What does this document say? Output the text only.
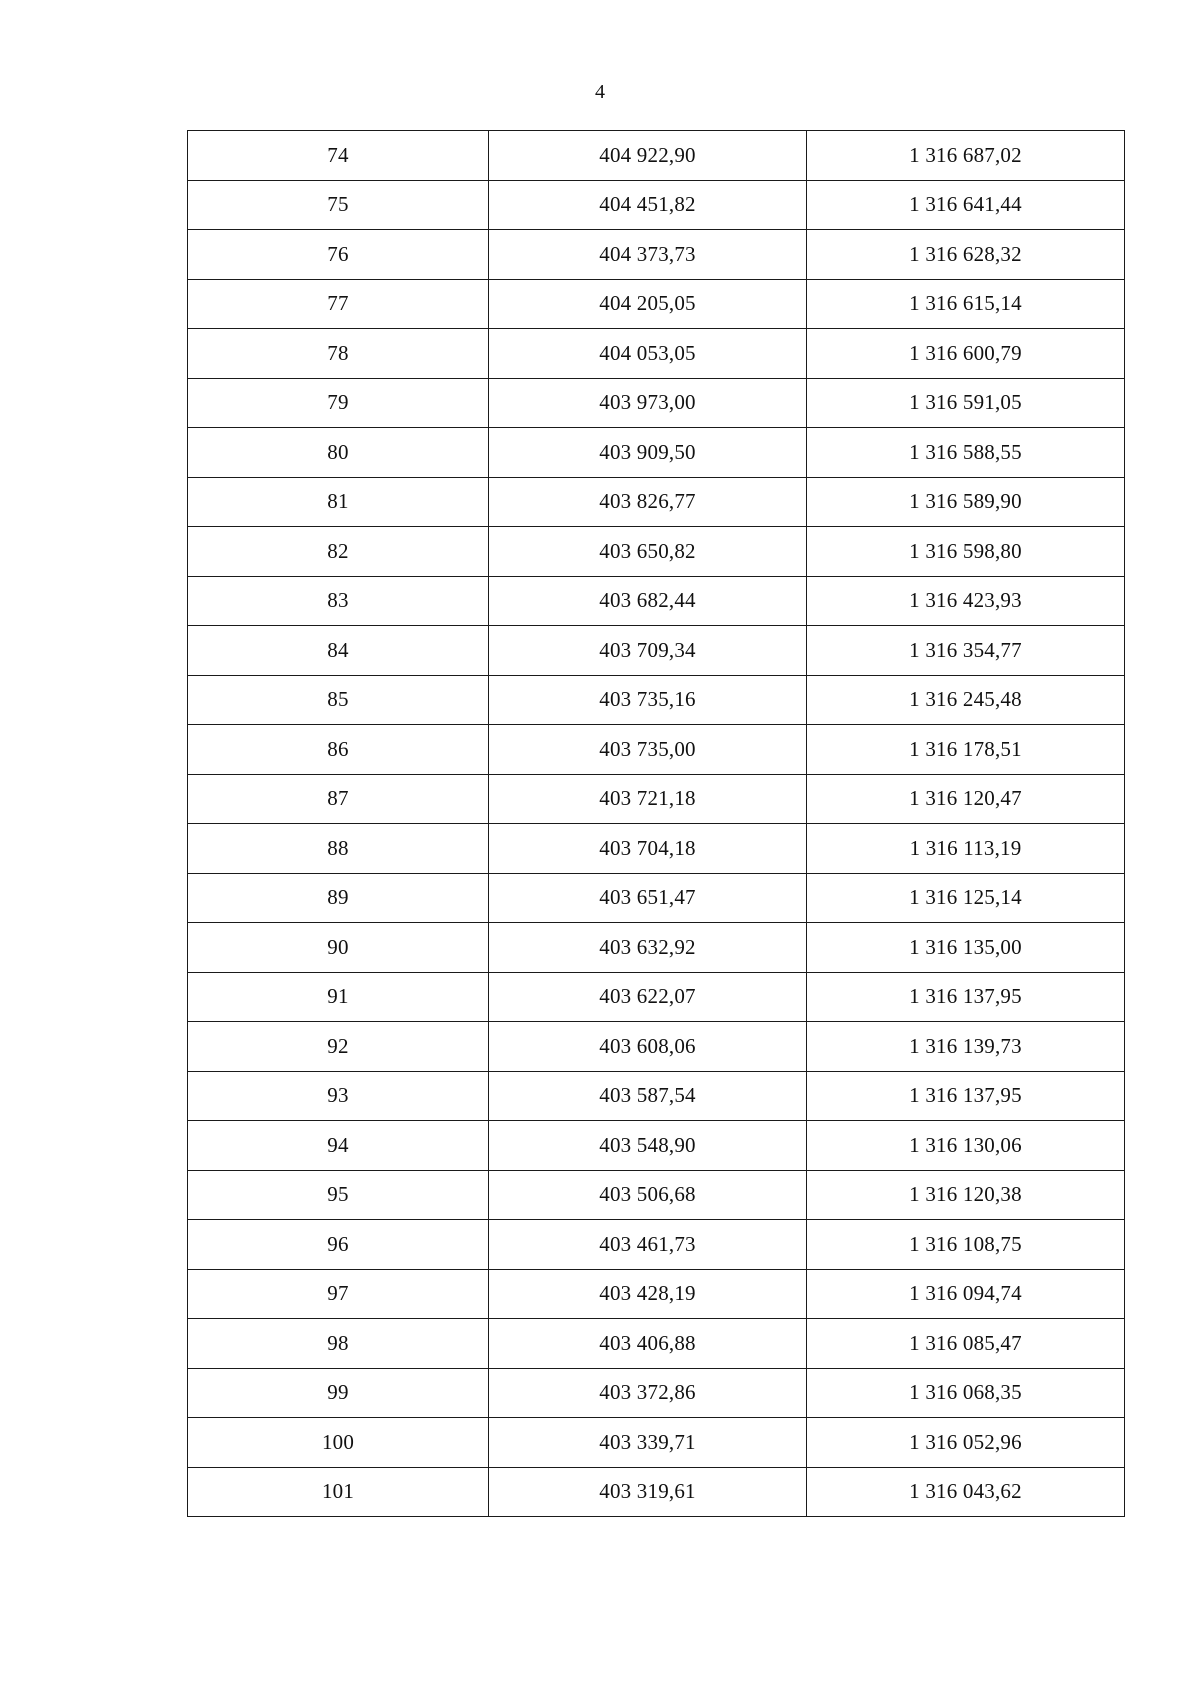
4
74	404 922,90	1 316 687,02
75	404 451,82	1 316 641,44
76	404 373,73	1 316 628,32
77	404 205,05	1 316 615,14
78	404 053,05	1 316 600,79
79	403 973,00	1 316 591,05
80	403 909,50	1 316 588,55
81	403 826,77	1 316 589,90
82	403 650,82	1 316 598,80
83	403 682,44	1 316 423,93
84	403 709,34	1 316 354,77
85	403 735,16	1 316 245,48
86	403 735,00	1 316 178,51
87	403 721,18	1 316 120,47
88	403 704,18	1 316 113,19
89	403 651,47	1 316 125,14
90	403 632,92	1 316 135,00
91	403 622,07	1 316 137,95
92	403 608,06	1 316 139,73
93	403 587,54	1 316 137,95
94	403 548,90	1 316 130,06
95	403 506,68	1 316 120,38
96	403 461,73	1 316 108,75
97	403 428,19	1 316 094,74
98	403 406,88	1 316 085,47
99	403 372,86	1 316 068,35
100	403 339,71	1 316 052,96
101	403 319,61	1 316 043,62
